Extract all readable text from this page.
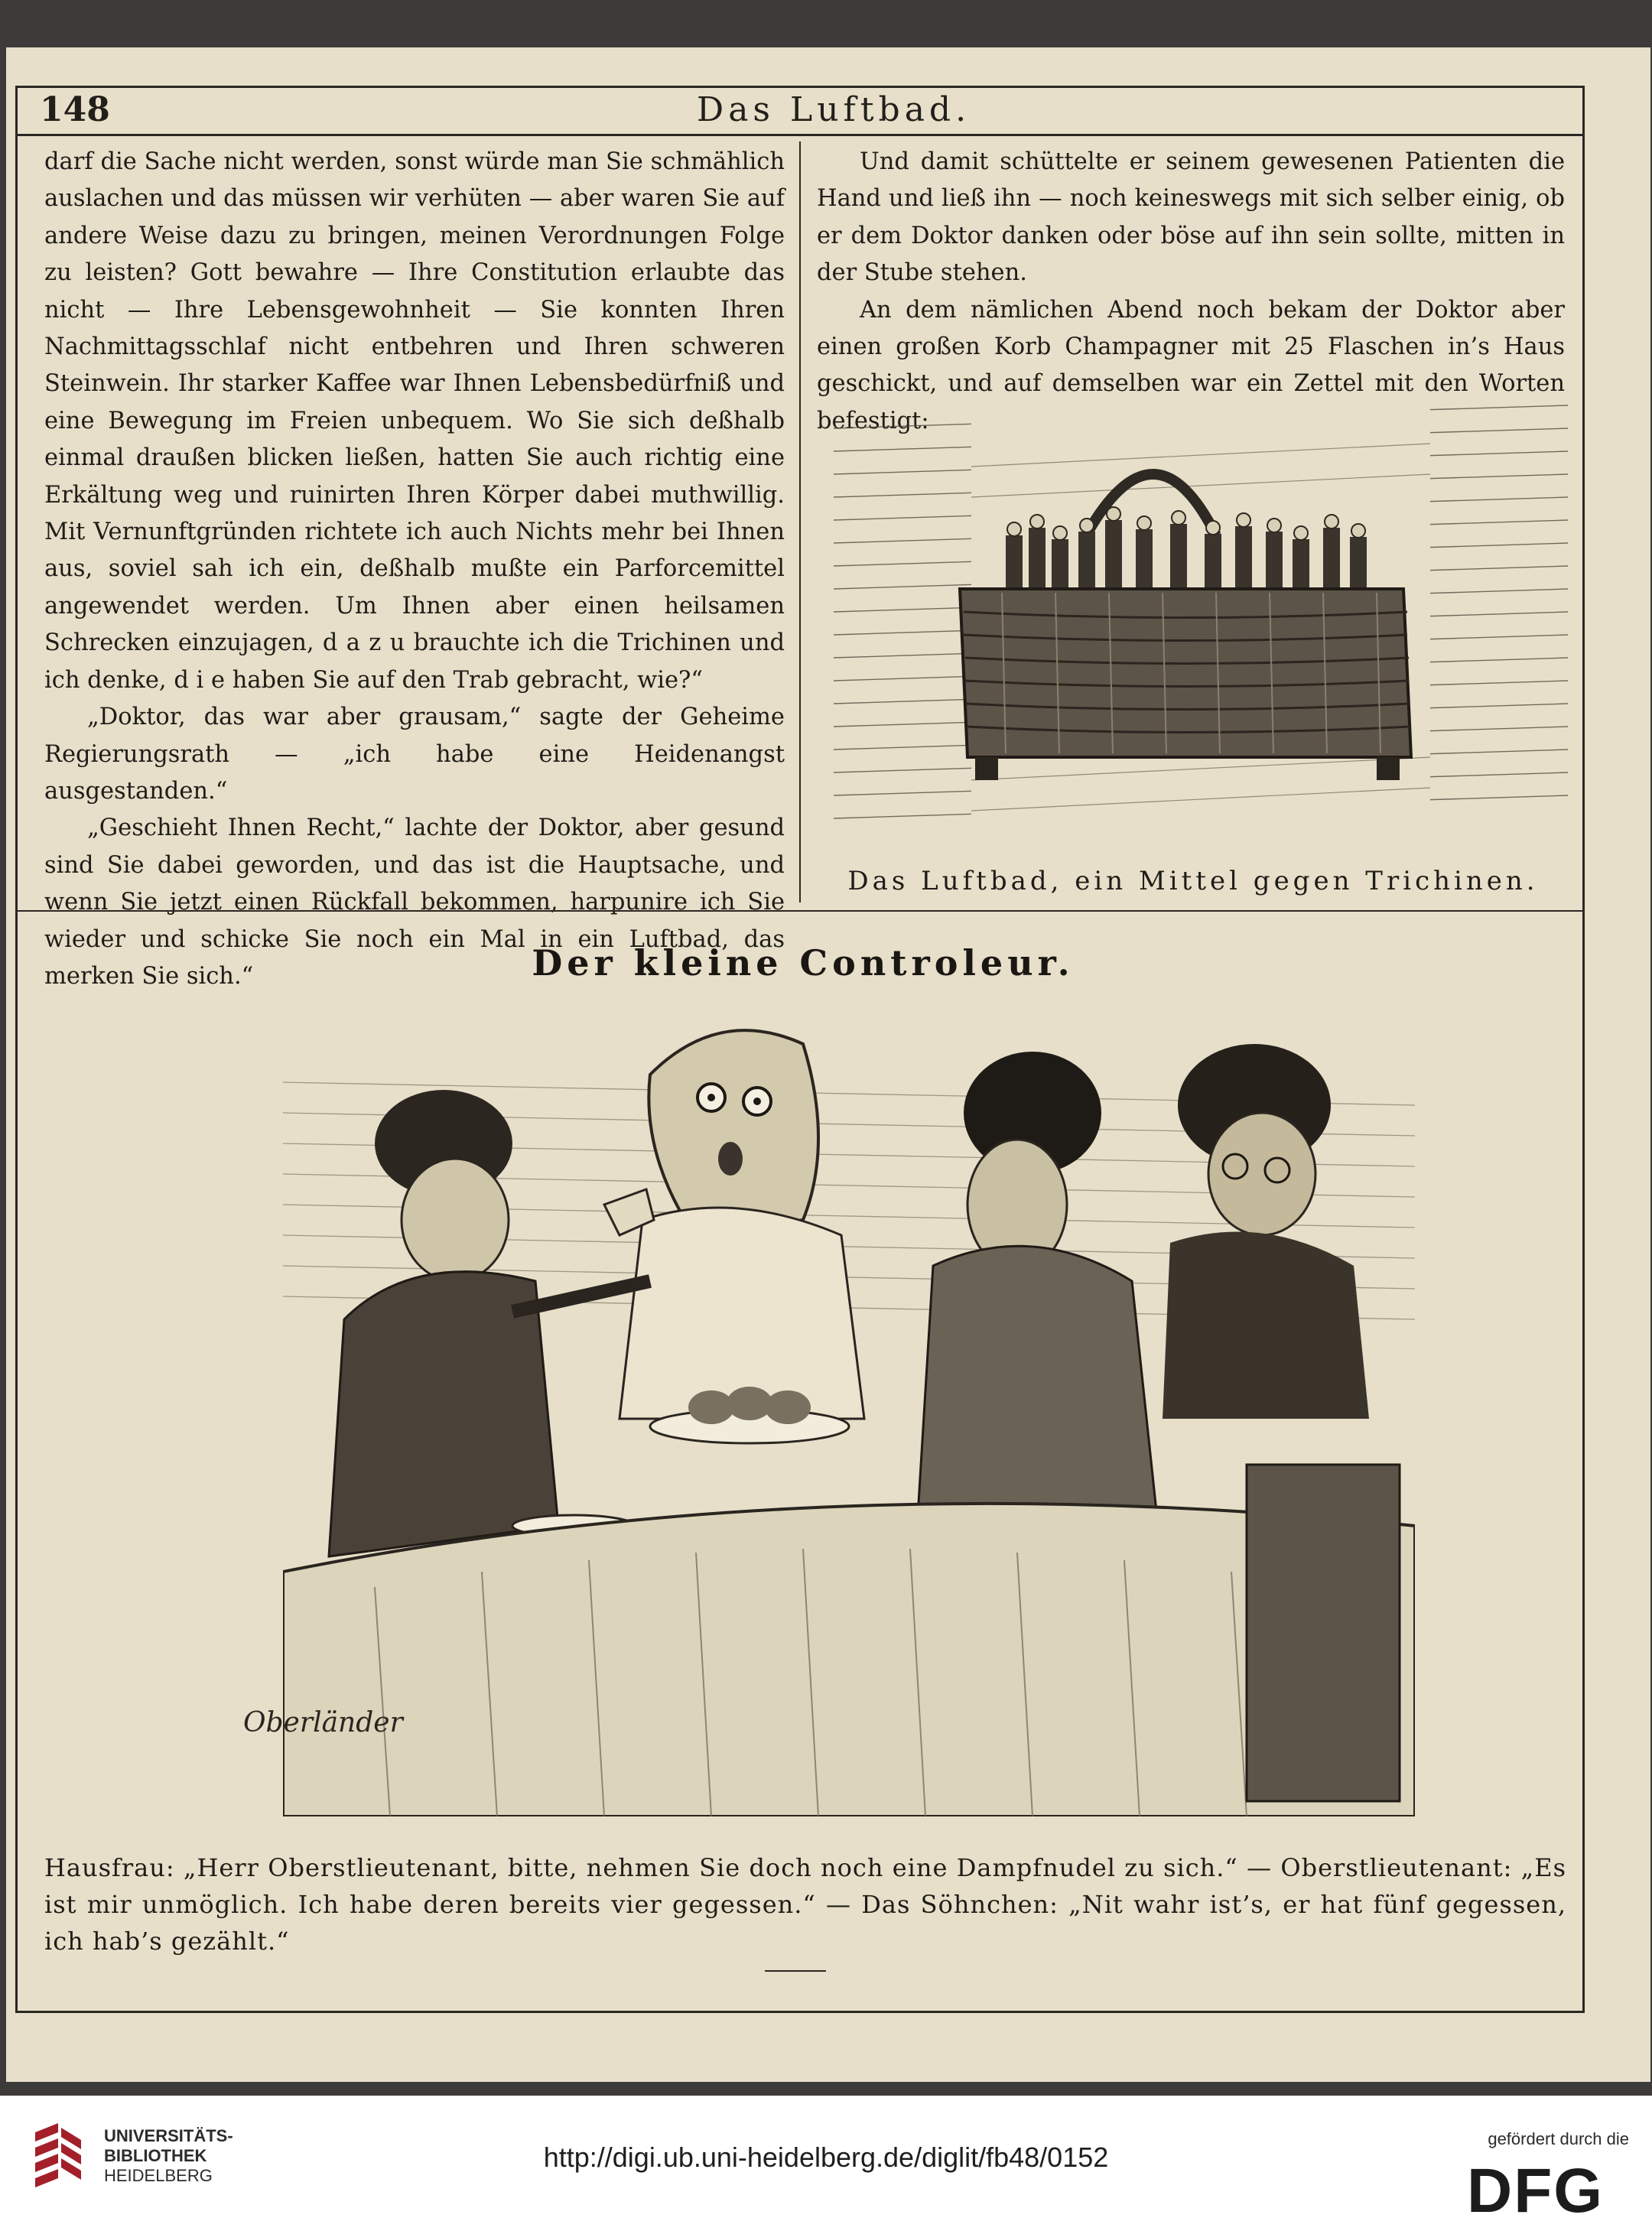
148	Das Luftbad.

darf die Sache nicht werden, sonst würde man Sie schmählich auslachen und das müssen wir verhüten — aber waren Sie auf andere Weise dazu zu bringen, meinen Verordnungen Folge zu leisten? Gott bewahre — Ihre Constitution erlaubte das nicht — Ihre Lebensgewohnheit — Sie konnten Ihren Nachmittagsschlaf nicht entbehren und Ihren schweren Steinwein. Ihr starker Kaffee war Ihnen Lebensbedürfniß und eine Bewegung im Freien unbequem. Wo Sie sich deßhalb einmal draußen blicken ließen, hatten Sie auch richtig eine Erkältung weg und ruinirten Ihren Körper dabei muthwillig. Mit Vernunftgründen richtete ich auch Nichts mehr bei Ihnen aus, soviel sah ich ein, deßhalb mußte ein Parforcemittel angewendet werden. Um Ihnen aber einen heilsamen Schrecken einzujagen, d a z u brauchte ich die Trichinen und ich denke, d i e haben Sie auf den Trab gebracht, wie?“

„Doktor, das war aber grausam,“ sagte der Geheime Regierungsrath — „ich habe eine Heidenangst ausgestanden.“

„Geschieht Ihnen Recht,“ lachte der Doktor, aber gesund sind Sie dabei geworden, und das ist die Hauptsache, und wenn Sie jetzt einen Rückfall bekommen, harpunire ich Sie wieder und schicke Sie noch ein Mal in ein Luftbad, das merken Sie sich.“

Und damit schüttelte er seinem gewesenen Patienten die Hand und ließ ihn — noch keineswegs mit sich selber einig, ob er dem Doktor danken oder böse auf ihn sein sollte, mitten in der Stube stehen.

An dem nämlichen Abend noch bekam der Doktor aber einen großen Korb Champagner mit 25 Flaschen in’s Haus geschickt, und auf demselben war ein Zettel mit den Worten befestigt:

Das Luftbad, ein Mittel gegen Trichinen.
Der kleine Controleur.
Oberländer
Hausfrau: „Herr Oberstlieutenant, bitte, nehmen Sie doch noch eine Dampfnudel zu sich.“ — Oberstlieutenant: „Es ist mir unmöglich. Ich habe deren bereits vier gegessen.“ — Das Söhnchen: „Nit wahr ist’s, er hat fünf gegessen, ich hab’s gezählt.“
UNIVERSITÄTS-
BIBLIOTHEK
HEIDELBERG
http://digi.ub.uni-heidelberg.de/diglit/fb48/0152
gefördert durch die
DFG
